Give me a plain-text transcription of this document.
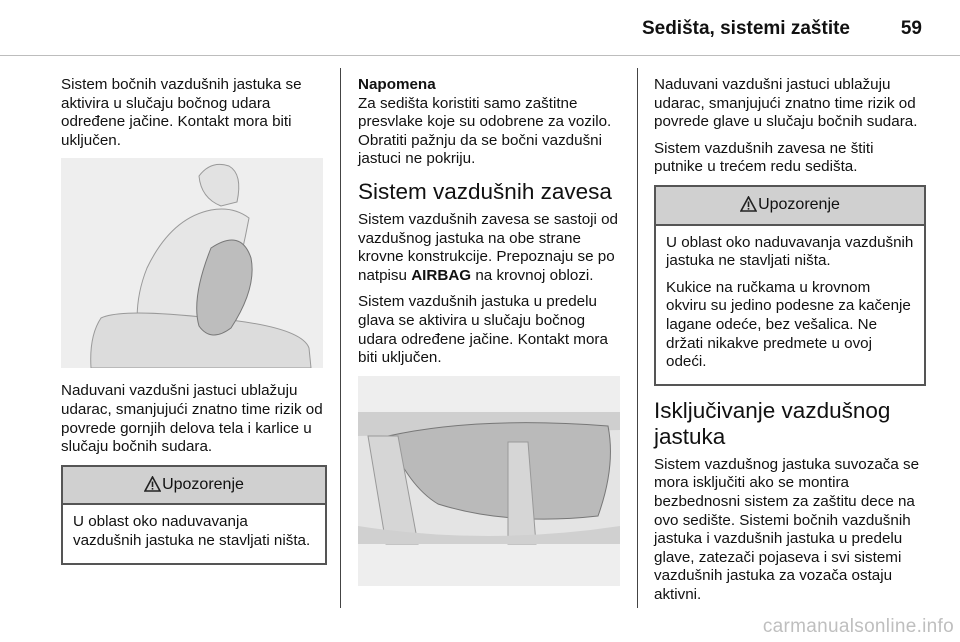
Sedišta, sistemi zaštite	59

Sistem bočnih vazdušnih jastuka se aktivira u slučaju bočnog udara određene jačine. Kontakt mora biti uključen.

Naduvani vazdušni jastuci ublažuju udarac, smanjujući znatno time rizik od povrede gornjih delova tela i karlice u slučaju bočnih sudara.

Upozorenje

U oblast oko naduvavanja vazdušnih jastuka ne stavljati ništa.

Napomena

Za sedišta koristiti samo zaštitne presvlake koje su odobrene za vozilo. Obratiti pažnju da se bočni vazdušni jastuci ne pokriju.

Sistem vazdušnih zavesa

Sistem vazdušnih zavesa se sastoji od vazdušnog jastuka na obe strane krovne konstrukcije. Prepoznaju se po natpisu AIRBAG na krovnoj oblozi.

Sistem vazdušnih jastuka u predelu glava se aktivira u slučaju bočnog udara određene jačine. Kontakt mora biti uključen.

Naduvani vazdušni jastuci ublažuju udarac, smanjujući znatno time rizik od povrede glave u slučaju bočnih sudara.

Sistem vazdušnih zavesa ne štiti putnike u trećem redu sedišta.

Upozorenje

U oblast oko naduvavanja vazdušnih jastuka ne stavljati ništa.

Kukice na ručkama u krovnom okviru su jedino podesne za kačenje lagane odeće, bez vešalica. Ne držati nikakve predmete u ovoj odeći.

Isključivanje vazdušnog jastuka

Sistem vazdušnog jastuka suvozača se mora isključiti ako se montira bezbednosni sistem za zaštitu dece na ovo sedište. Sistemi bočnih vazdušnih jastuka i vazdušnih jastuka u predelu glave, zatezači pojaseva i svi sistemi vazdušnih jastuka za vozača ostaju aktivni.

carmanualsonline.info
